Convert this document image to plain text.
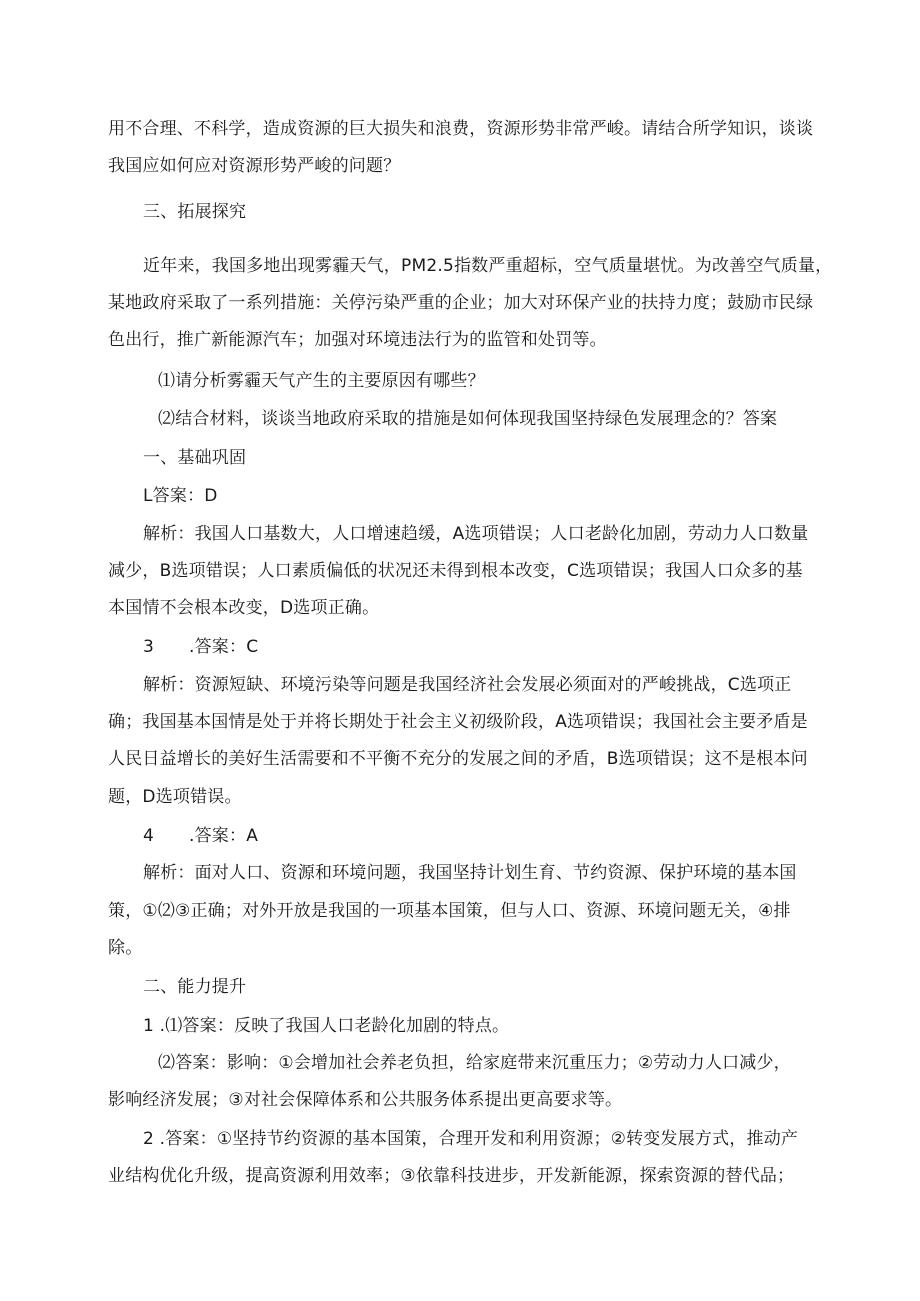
用不合理、不科学，造成资源的巨大损失和浪费，资源形势非常严峻。请结合所学知识，谈谈
我国应如何应对资源形势严峻的问题？
三、拓展探究
近年来，我国多地出现雾霾天气，PM2.5指数严重超标，空气质量堪忧。为改善空气质量，
某地政府采取了一系列措施：关停污染严重的企业；加大对环保产业的扶持力度；鼓励市民绿
色出行，推广新能源汽车；加强对环境违法行为的监管和处罚等。
⑴请分析雾霾天气产生的主要原因有哪些？
⑵结合材料，谈谈当地政府采取的措施是如何体现我国坚持绿色发展理念的？答案
一、基础巩固
L答案：D
解析：我国人口基数大，人口增速趋缓，A选项错误；人口老龄化加剧，劳动力人口数量
减少，B选项错误；人口素质偏低的状况还未得到根本改变，C选项错误；我国人口众多的基
本国情不会根本改变，D选项正确。
3 .答案：C
解析：资源短缺、环境污染等问题是我国经济社会发展必须面对的严峻挑战，C选项正
确；我国基本国情是处于并将长期处于社会主义初级阶段，A选项错误；我国社会主要矛盾是
人民日益增长的美好生活需要和不平衡不充分的发展之间的矛盾，B选项错误；这不是根本问
题，D选项错误。
4 .答案：A
解析：面对人口、资源和环境问题，我国坚持计划生育、节约资源、保护环境的基本国
策，①⑵③正确；对外开放是我国的一项基本国策，但与人口、资源、环境问题无关，④排
除。
二、能力提升
1 .⑴答案：反映了我国人口老龄化加剧的特点。
⑵答案：影响：①会增加社会养老负担，给家庭带来沉重压力；②劳动力人口减少，
影响经济发展；③对社会保障体系和公共服务体系提出更高要求等。
2 .答案：①坚持节约资源的基本国策，合理开发和利用资源；②转变发展方式，推动产
业结构优化升级，提高资源利用效率；③依靠科技进步，开发新能源，探索资源的替代品；
